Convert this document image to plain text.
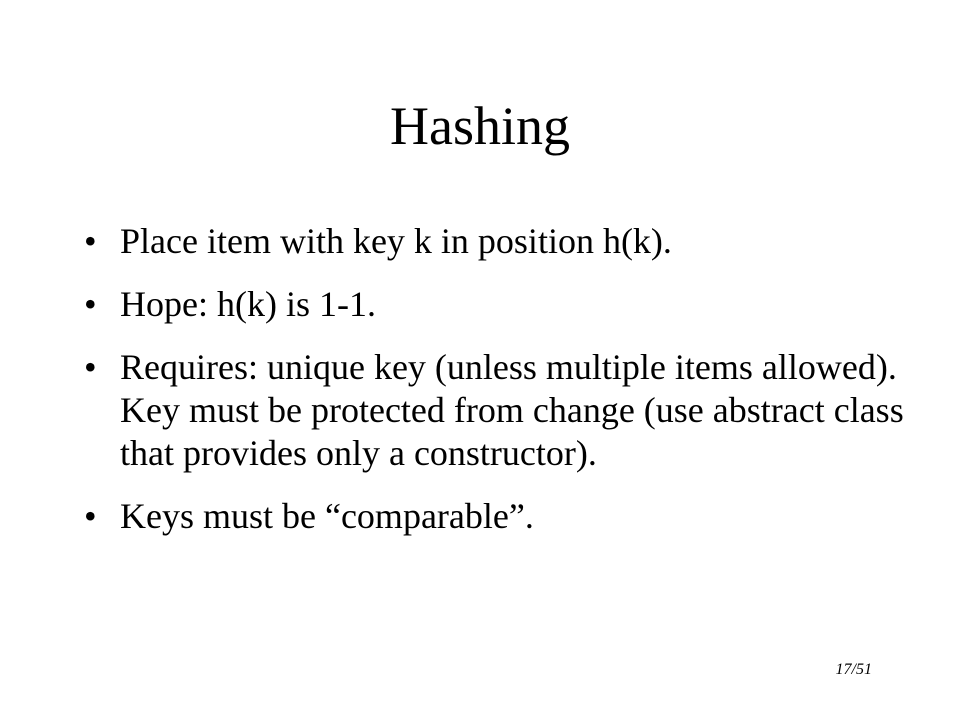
Hashing
• Place item with key k in position h(k).
• Hope: h(k) is 1-1.
• Requires: unique key (unless multiple items allowed). Key must be protected from change (use abstract class that provides only a constructor).
• Keys must be “comparable”.
17/51
